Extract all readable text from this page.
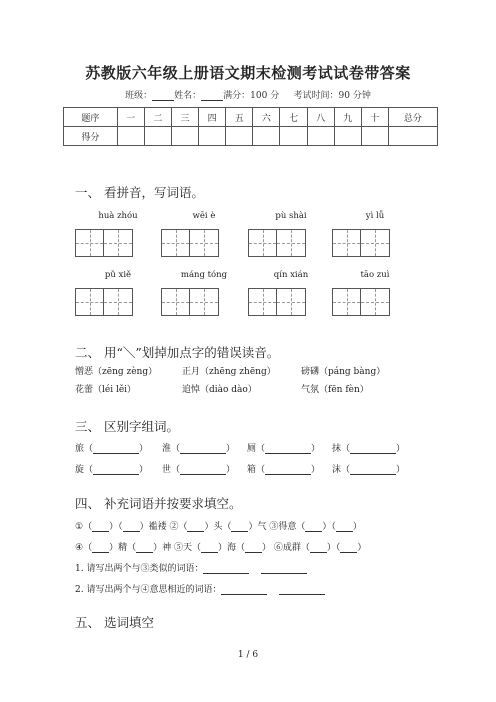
苏教版六年级上册语文期末检测考试试卷带答案
班级： 姓名： 满分：100 分 考试时间：90 分钟
题序	一	二	三	四	五	六	七	八	九	十	总分
得分											
一、 看拼音，写词语。
huà zhóu	wēi è	pù shài	yì lǚ
pǔ xiě	máng tóng	qín xián	tāo zuì
二、 用“＼”划掉加点字的错误读音。
憎恶（zēng zèng）	正月（zhēng zhēng）	磅礴（páng bàng）
花蕾（léi lěi）	追悼（diào dào）	气氛（fēn fèn）
三、 区别字组词。
旅（	） 淮（	） 厕（	） 抹（	）
旋（	） 世（	） 箱（	） 沫（	）
四、 补充词语并按要求填空。
①（ ）（ ）褴褛 ②（ ）头（ ）气 ③得意（ ）（ ）
④（ ）精（ ）神 ⑤天（ ）海（ ） ⑥成群（ ）（ ）
1. 请写出两个与③类似的词语：
2. 请写出两个与④意思相近的词语：
五、 选词填空
1 / 6
